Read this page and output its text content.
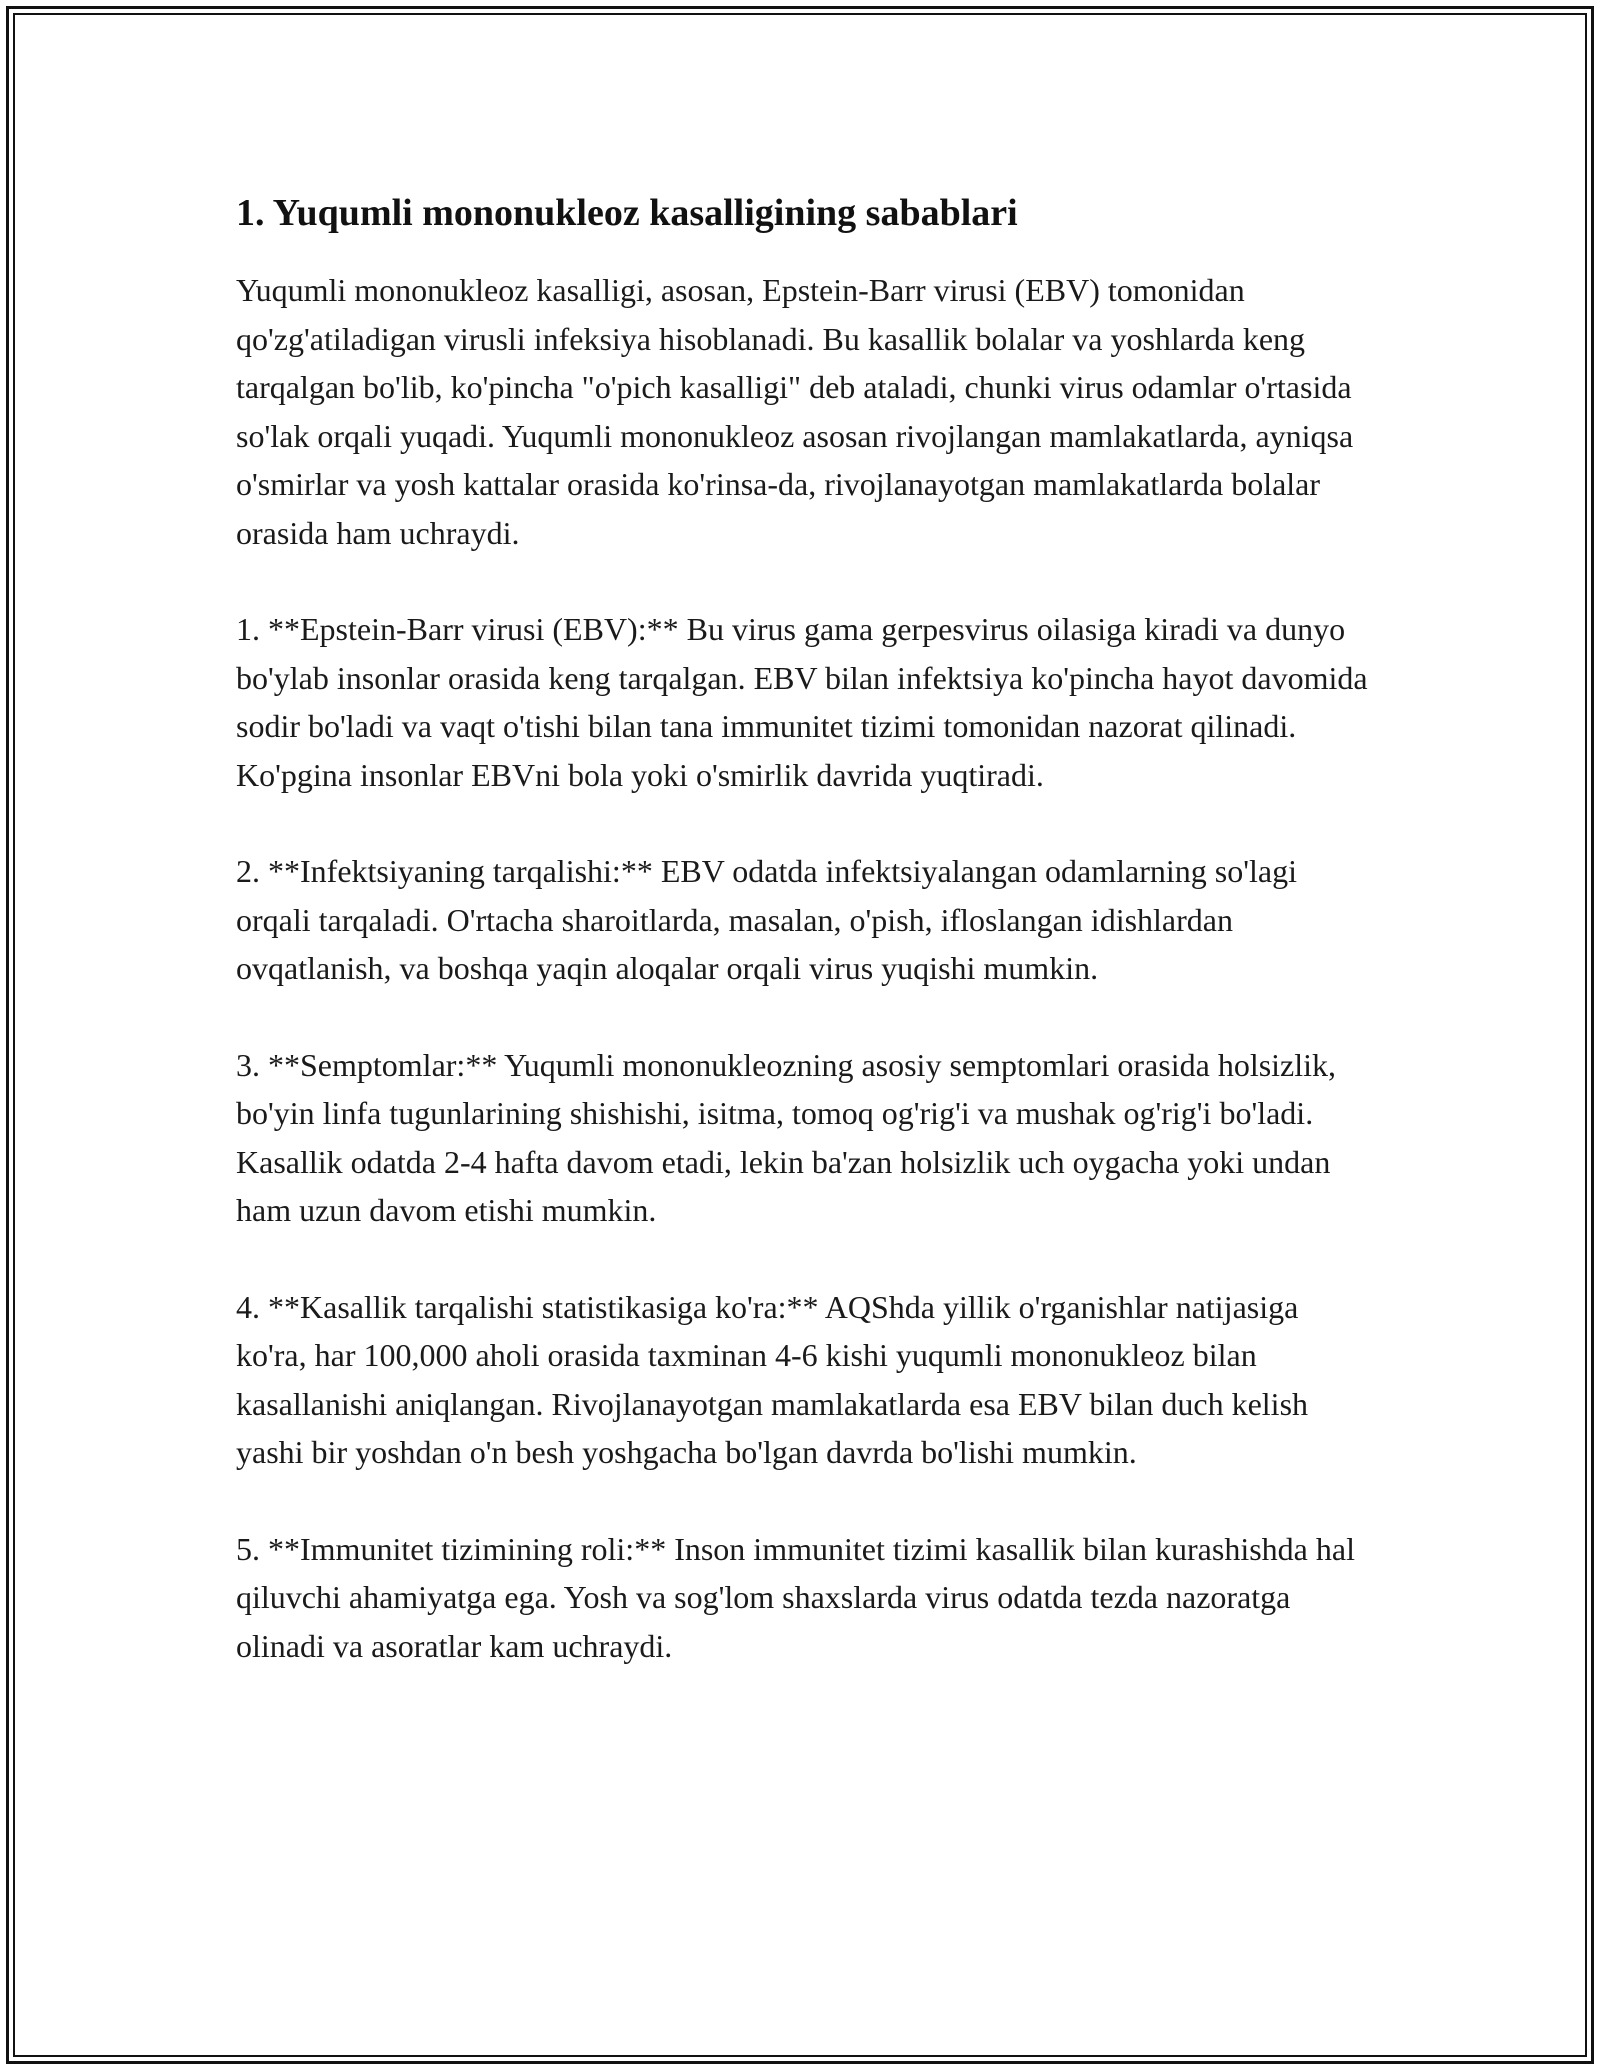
1. Yuqumli mononukleoz kasalligining sabablari

Yuqumli mononukleoz kasalligi, asosan, Epstein-Barr virusi (EBV) tomonidan qo'zg'atiladigan virusli infeksiya hisoblanadi. Bu kasallik bolalar va yoshlarda keng tarqalgan bo'lib, ko'pincha "o'pich kasalligi" deb ataladi, chunki virus odamlar o'rtasida so'lak orqali yuqadi. Yuqumli mononukleoz asosan rivojlangan mamlakatlarda, ayniqsa o'smirlar va yosh kattalar orasida ko'rinsa-da, rivojlanayotgan mamlakatlarda bolalar orasida ham uchraydi.

1. **Epstein-Barr virusi (EBV):** Bu virus gama gerpesvirus oilasiga kiradi va dunyo bo'ylab insonlar orasida keng tarqalgan. EBV bilan infektsiya ko'pincha hayot davomida sodir bo'ladi va vaqt o'tishi bilan tana immunitet tizimi tomonidan nazorat qilinadi. Ko'pgina insonlar EBVni bola yoki o'smirlik davrida yuqtiradi.

2. **Infektsiyaning tarqalishi:** EBV odatda infektsiyalangan odamlarning so'lagi orqali tarqaladi. O'rtacha sharoitlarda, masalan, o'pish, ifloslangan idishlardan ovqatlanish, va boshqa yaqin aloqalar orqali virus yuqishi mumkin.

3. **Semptomlar:** Yuqumli mononukleozning asosiy semptomlari orasida holsizlik, bo'yin linfa tugunlarining shishishi, isitma, tomoq og'rig'i va mushak og'rig'i bo'ladi. Kasallik odatda 2-4 hafta davom etadi, lekin ba'zan holsizlik uch oygacha yoki undan ham uzun davom etishi mumkin.

4. **Kasallik tarqalishi statistikasiga ko'ra:** AQShda yillik o'rganishlar natijasiga ko'ra, har 100,000 aholi orasida taxminan 4-6 kishi yuqumli mononukleoz bilan kasallanishi aniqlangan. Rivojlanayotgan mamlakatlarda esa EBV bilan duch kelish yashi bir yoshdan o'n besh yoshgacha bo'lgan davrda bo'lishi mumkin.

5. **Immunitet tizimining roli:** Inson immunitet tizimi kasallik bilan kurashishda hal qiluvchi ahamiyatga ega. Yosh va sog'lom shaxslarda virus odatda tezda nazoratga olinadi va asoratlar kam uchraydi.
